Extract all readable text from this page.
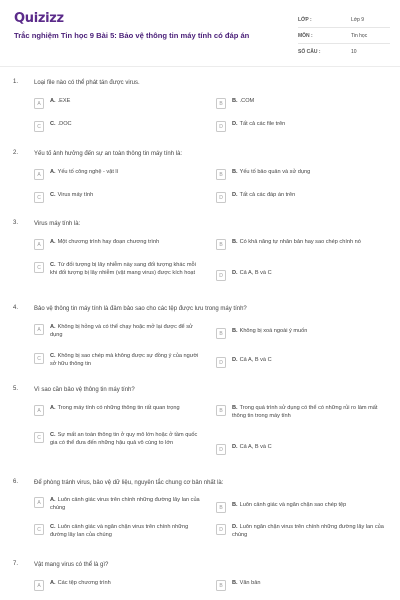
Quizizz
Trắc nghiệm Tin học 9 Bài 5: Bảo vệ thông tin máy tính có đáp án
LỚP :	Lớp 9
MÔN :	Tin học
SỐ CÂU :	10
1.	Loại file nào có thể phát tán được virus.
A	A. .EXE	B	B. .COM
C	C. .DOC	D	D. Tất cả các file trên
2.	Yếu tố ảnh hưởng đến sự an toàn thông tin máy tính là:
A	A. Yếu tố công nghệ - vật lí	B	B. Yếu tố bảo quản và sử dụng
C	C. Virus máy tính	D	D. Tất cả các đáp án trên
3.	Virus máy tính là:
A	A. Một chương trình hay đoạn chương trình	B	B. Có khả năng tự nhân bản hay sao chép chính nó
C	C. Từ đối tượng bị lây nhiễm này sang đối tượng khác mỗi khi đối tượng bị lây nhiễm (vật mang virus) được kích hoạt	D	D. Cả A, B và C
4.	Bảo vệ thông tin máy tính là đảm bảo sao cho các tệp được lưu trong máy tính?
A	A. Không bị hỏng và có thể chạy hoặc mở lại được để sử dụng	B	B. Không bị xoá ngoài ý muốn
C	C. Không bị sao chép mà không được sự đồng ý của người sở hữu thông tin	D	D. Cả A, B và C
5.	Vì sao cần bảo vệ thông tin máy tính?
A	A. Trong máy tính có những thông tin rất quan trọng	B	B. Trong quá trình sử dụng có thể có những rủi ro làm mất thông tin trong máy tính
C	C. Sự mất an toàn thông tin ở quy mô lớn hoặc ở tầm quốc gia có thể đưa đến những hậu quả vô cùng to lớn
D	D. Cả A, B và C
6.	Để phòng tránh virus, bảo vệ dữ liệu, nguyên tắc chung cơ bản nhất là:
A	A. Luôn cảnh giác virus trên chính những đường lây lan của chúng	B	B. Luôn cảnh giác và ngăn chặn sao chép tệp
C	C. Luôn cảnh giác và ngăn chặn virus trên chính những đường lây lan của chúng
D	D. Luôn ngăn chặn virus trên chính những đường lây lan của chúng
7.	Vật mang virus có thể là gì?
A	A. Các tệp chương trình	B	B. Văn bản
